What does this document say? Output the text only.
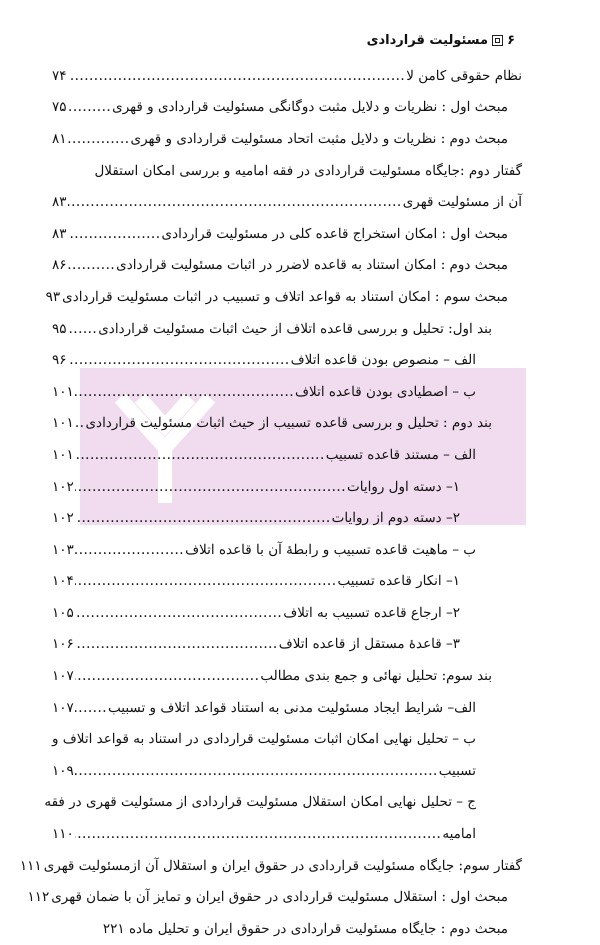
۶
مسئولیت قراردادی
نظام حقوقی کامن لا
.....
۷۴
مبحث اول : نظریات و دلایل مثبت دوگانگی مسئولیت قراردادی و قهری
.....
۷۵
مبحث دوم : نظریات و دلایل مثبت اتحاد مسئولیت قراردادی و قهری
.....
۸۱
گفتار دوم :جایگاه مسئولیت قراردادی در فقه امامیه و بررسی امکان استقلال
آن از مسئولیت قهری
.....
۸۳
مبحث اول : امکان استخراج قاعده کلی در مسئولیت قراردادی
.....
۸۳
مبحث دوم : امکان استناد به قاعده لاضرر در اثبات مسئولیت قراردادی
.....
۸۶
مبحث سوم : امکان استناد به قواعد اتلاف و تسبیب در اثبات مسئولیت قراردادی
۹۳
بند اول: تحلیل و بررسی قاعده اتلاف از حیث اثبات مسئولیت قراردادی
.....
۹۵
الف – منصوص بودن قاعده اتلاف
.....
۹۶
ب – اصطیادی بودن قاعده اتلاف
.....
۱۰۱
بند دوم : تحلیل و بررسی قاعده تسبیب از حیث اثبات مسئولیت قراردادی
.....
۱۰۱
الف – مستند قاعده تسبیب
.....
۱۰۱
۱– دسته اول روایات
.....
۱۰۲
۲– دسته دوم از روایات
.....
۱۰۲
ب – ماهیت قاعده تسبیب و رابطهٔ آن با قاعده اتلاف
.....
۱۰۳
۱– انکار قاعده تسبیب
.....
۱۰۴
۲– ارجاع قاعده تسبیب به اتلاف
.....
۱۰۵
۳– قاعدهٔ مستقل از قاعده اتلاف
.....
۱۰۶
بند سوم: تحلیل نهائی و جمع بندی مطالب
.....
۱۰۷
الف– شرایط ایجاد مسئولیت مدنی به استناد قواعد اتلاف و تسبیب
.....
۱۰۷
ب – تحلیل نهایی امکان اثبات مسئولیت قراردادی در استناد به قواعد اتلاف و
تسبیب
.....
۱۰۹
ج – تحلیل نهایی امکان استقلال مسئولیت قراردادی از مسئولیت قهری در فقه
امامیه
.....
۱۱۰
گفتار سوم: جایگاه مسئولیت قراردادی در حقوق ایران و استقلال آن ازمسئولیت قهری
۱۱۱
مبحث اول : استقلال مسئولیت قراردادی در حقوق ایران و تمایز آن با ضمان قهری
۱۱۲
مبحث دوم : جایگاه مسئولیت قراردادی در حقوق ایران و تحلیل ماده ۲۲۱
